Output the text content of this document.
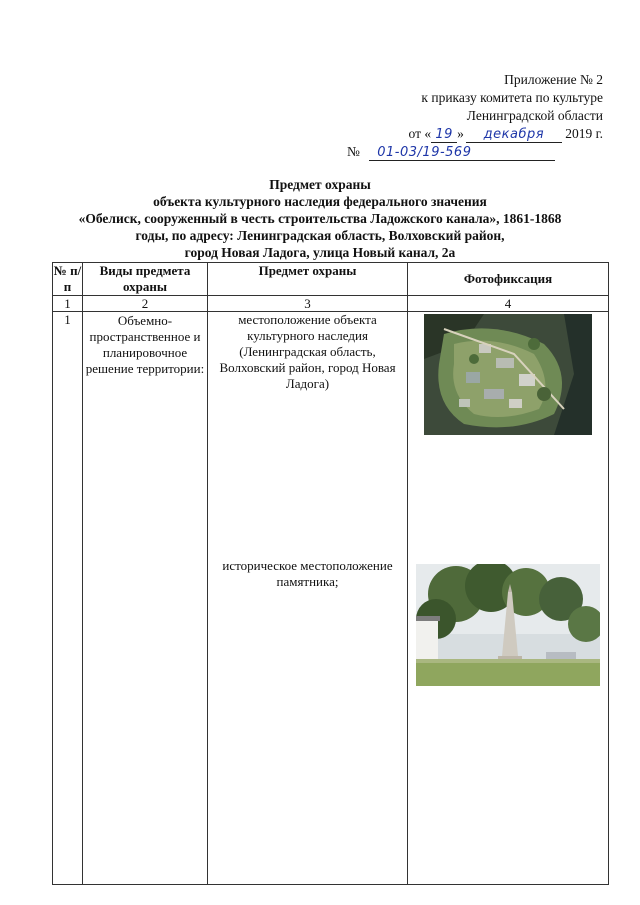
Приложение № 2
к приказу комитета по культуре
Ленинградской области
от « 19 » декабря 2019 г.
№ 01-03/19-569
Предмет охраны
объекта культурного наследия федерального значения
«Обелиск, сооруженный в честь строительства Ладожского канала», 1861-1868
годы, по адресу: Ленинградская область, Волховский район,
город Новая Ладога, улица Новый канал, 2а
№ п/п	Виды предмета охраны	Предмет охраны	Фотофиксация
1	2	3	4
1	Объемно-пространственное и планировочное решение территории:	местоположение объекта культурного наследия (Ленинградская область, Волховский район, город Новая Ладога)
историческое местоположение памятника;
